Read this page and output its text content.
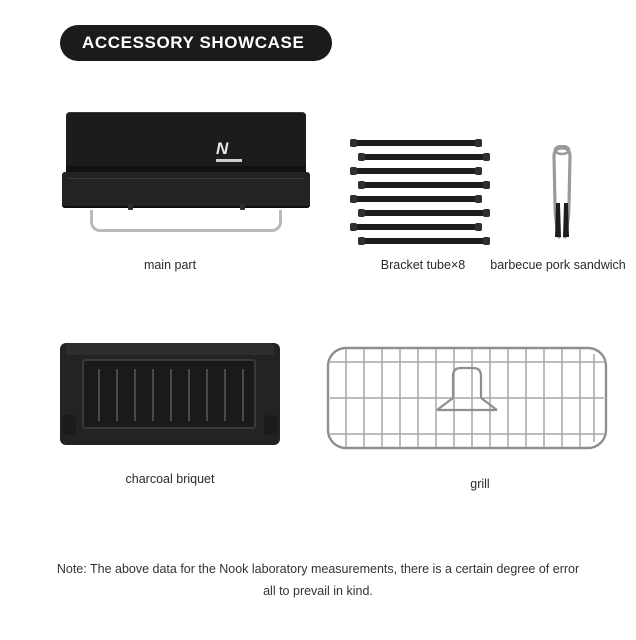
ACCESSORY SHOWCASE
N
main part	Bracket tube×8	barbecue pork sandwich
charcoal briquet	grill
Note: The above data for the Nook laboratory measurements, there is a certain degree of error
all to prevail in kind.
